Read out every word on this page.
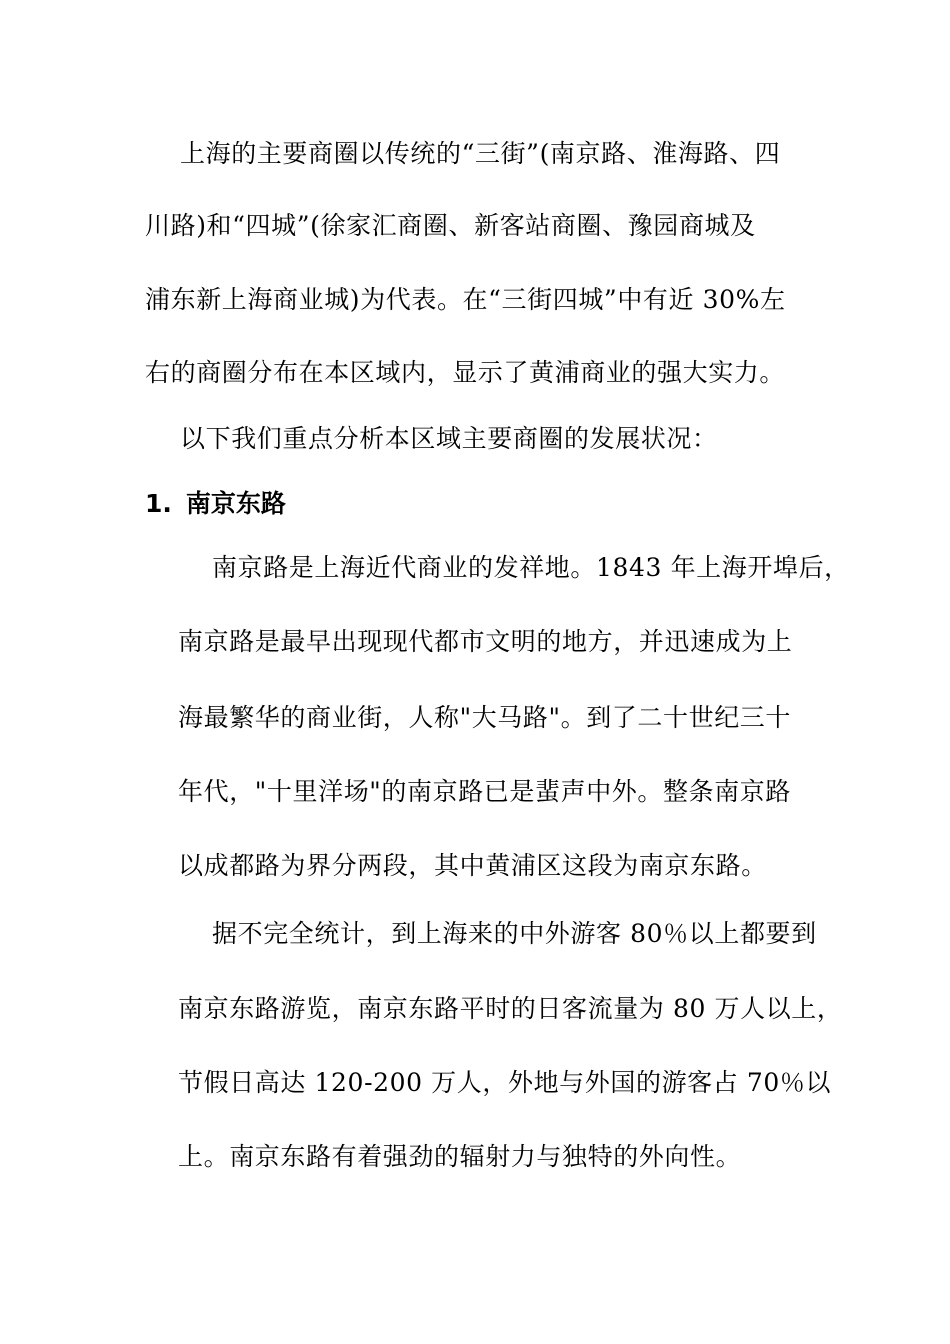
上海的主要商圈以传统的“三街”(南京路、淮海路、四
川路)和“四城”(徐家汇商圈、新客站商圈、豫园商城及
浦东新上海商业城)为代表。在“三街四城”中有近 30%左
右的商圈分布在本区域内，显示了黄浦商业的强大实力。
以下我们重点分析本区域主要商圈的发展状况：
1. 南京东路
南京路是上海近代商业的发祥地。1843 年上海开埠后，
南京路是最早出现现代都市文明的地方，并迅速成为上
海最繁华的商业街，人称"大马路"。到了二十世纪三十
年代，"十里洋场"的南京路已是蜚声中外。整条南京路
以成都路为界分两段，其中黄浦区这段为南京东路。
据不完全统计，到上海来的中外游客 80％以上都要到
南京东路游览，南京东路平时的日客流量为 80 万人以上，
节假日高达 120-200 万人，外地与外国的游客占 70％以
上。南京东路有着强劲的辐射力与独特的外向性。
